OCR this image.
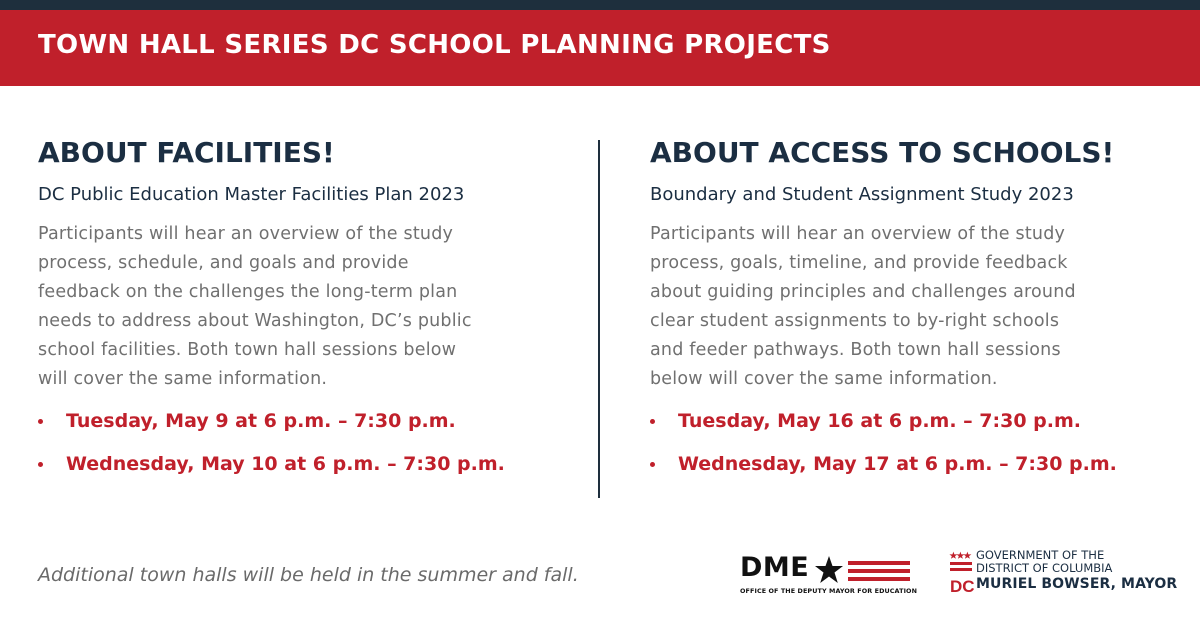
TOWN HALL SERIES DC SCHOOL PLANNING PROJECTS
ABOUT FACILITIES!
DC Public Education Master Facilities Plan 2023
Participants will hear an overview of the study
process, schedule, and goals and provide
feedback on the challenges the long-term plan
needs to address about Washington, DC’s public
school facilities. Both town hall sessions below
will cover the same information.
Tuesday, May 9 at 6 p.m. – 7:30 p.m.
Wednesday, May 10 at 6 p.m. – 7:30 p.m.
ABOUT ACCESS TO SCHOOLS!
Boundary and Student Assignment Study 2023
Participants will hear an overview of the study
process, goals, timeline, and provide feedback
about guiding principles and challenges around
clear student assignments to by-right schools
and feeder pathways. Both town hall sessions
below will cover the same information.
Tuesday, May 16 at 6 p.m. – 7:30 p.m.
Wednesday, May 17 at 6 p.m. – 7:30 p.m.
Additional town halls will be held in the summer and fall.	DME
OFFICE OF THE DEPUTY MAYOR FOR EDUCATION DC
GOVERNMENT OF THE
DISTRICT OF COLUMBIA
MURIEL BOWSER, MAYOR
